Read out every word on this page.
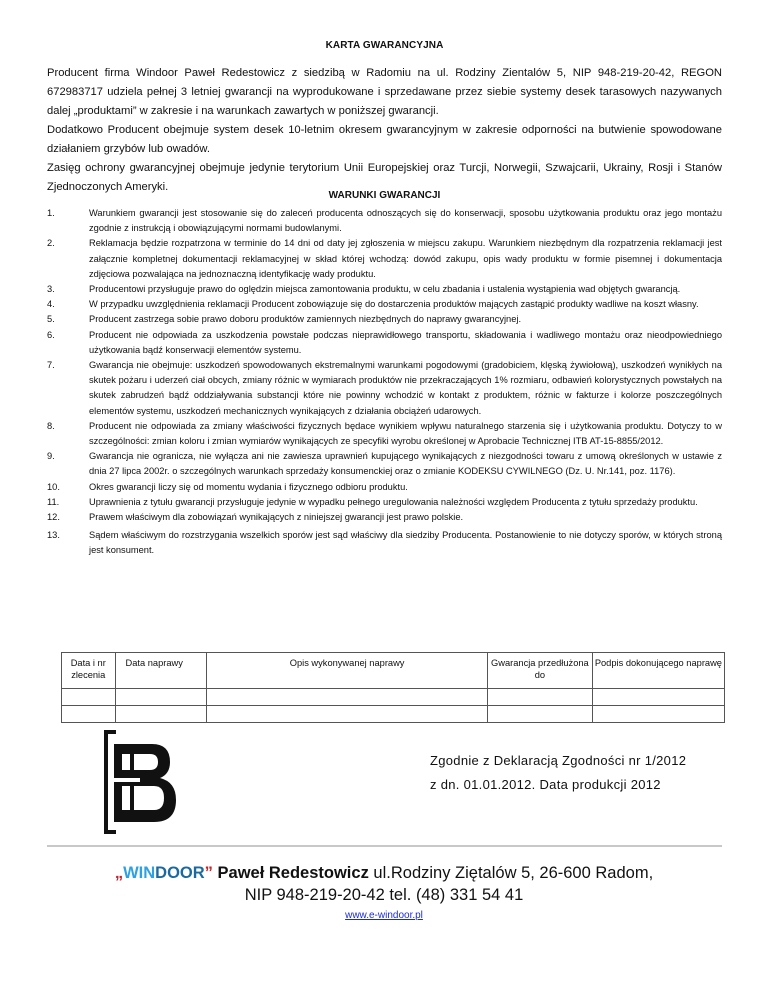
KARTA GWARANCYJNA

Producent firma Windoor Paweł Redestowicz z siedzibą w Radomiu na ul. Rodziny Zientalów 5, NIP 948-219-20-42, REGON 672983717 udziela pełnej 3 letniej gwarancji na wyprodukowane i sprzedawane przez siebie systemy desek tarasowych nazywanych dalej „produktami” w zakresie i na warunkach zawartych w poniższej gwarancji.

Dodatkowo Producent obejmuje system desek 10-letnim okresem gwarancyjnym w zakresie odporności na butwienie spowodowane działaniem grzybów lub owadów.

Zasięg ochrony gwarancyjnej obejmuje jedynie terytorium Unii Europejskiej oraz Turcji, Norwegii, Szwajcarii, Ukrainy, Rosji i Stanów Zjednoczonych Ameryki.

WARUNKI GWARANCJI
1.	Warunkiem gwarancji jest stosowanie się do zaleceń producenta odnoszących się do konserwacji, sposobu użytkowania produktu oraz jego montażu zgodnie z instrukcją i obowiązującymi normami budowlanymi.
2.	Reklamacja będzie rozpatrzona w terminie do 14 dni od daty jej zgłoszenia w miejscu zakupu. Warunkiem niezbędnym dla rozpatrzenia reklamacji jest załącznie kompletnej dokumentacji reklamacyjnej w skład której wchodzą: dowód zakupu, opis wady produktu w formie pisemnej i dokumentacja zdjęciowa pozwalająca na jednoznaczną identyfikację wady produktu.
3.	Producentowi przysługuje prawo do oględzin miejsca zamontowania produktu, w celu zbadania i ustalenia wystąpienia wad objętych gwarancją.
4.	W przypadku uwzględnienia reklamacji Producent zobowiązuje się do dostarczenia produktów mających zastąpić produkty wadliwe na koszt własny.
5.	Producent zastrzega sobie prawo doboru produktów zamiennych niezbędnych do naprawy gwarancyjnej.
6.	Producent nie odpowiada za uszkodzenia powstałe podczas nieprawidłowego transportu, składowania i wadliwego montażu oraz nieodpowiedniego użytkowania bądź konserwacji elementów systemu.
7.	Gwarancja nie obejmuje: uszkodzeń spowodowanych ekstremalnymi warunkami pogodowymi (gradobiciem, klęską żywiołową), uszkodzeń wynikłych na skutek pożaru i uderzeń ciał obcych, zmiany różnic w wymiarach produktów nie przekraczających 1% rozmiaru, odbawień kolorystycznych powstałych na skutek zabrudzeń bądź oddziaływania substancji które nie powinny wchodzić w kontakt z produktem, różnic w fakturze i kolorze poszczególnych elementów systemu, uszkodzeń mechanicznych wynikających z działania obciążeń udarowych.
8.	Producent nie odpowiada za zmiany właściwości fizycznych będace wynikiem wpływu naturalnego starzenia się i użytkowania produktu. Dotyczy to w szczególności: zmian koloru i zmian wymiarów wynikających ze specyfiki wyrobu określonej w Aprobacie Technicznej ITB AT-15-8855/2012.
9.	Gwarancja nie ogranicza, nie wyłącza ani nie zawiesza uprawnień kupującego wynikających z niezgodności towaru z umową określonych w ustawie z dnia 27 lipca 2002r. o szczególnych warunkach sprzedaży konsumenckiej oraz o zmianie KODEKSU CYWILNEGO (Dz. U. Nr.141, poz. 1176).
10.	Okres gwarancji liczy się od momentu wydania i fizycznego odbioru produktu.
11.	Uprawnienia z tytułu gwarancji przysługuje jedynie w wypadku pełnego uregulowania należności względem Producenta z tytułu sprzedaży produktu.
12.	Prawem właściwym dla zobowiązań wynikających z niniejszej gwarancji jest prawo polskie.
13.	Sądem właściwym do rozstrzygania wszelkich sporów jest sąd właściwy dla siedziby Producenta. Postanowienie to nie dotyczy sporów, w których stroną jest konsument.
Data i nr zlecenia	Data naprawy	Opis wykonywanej naprawy	Gwarancja przedłużona do	Podpis dokonującego naprawę

Zgodnie z Deklaracją Zgodności nr 1/2012
z dn. 01.01.2012. Data produkcji 2012
„WINDOOR” Paweł Redestowicz ul.Rodziny Ziętalów 5, 26-600 Radom,
NIP 948-219-20-42 tel. (48) 331 54 41
www.e-windoor.pl
